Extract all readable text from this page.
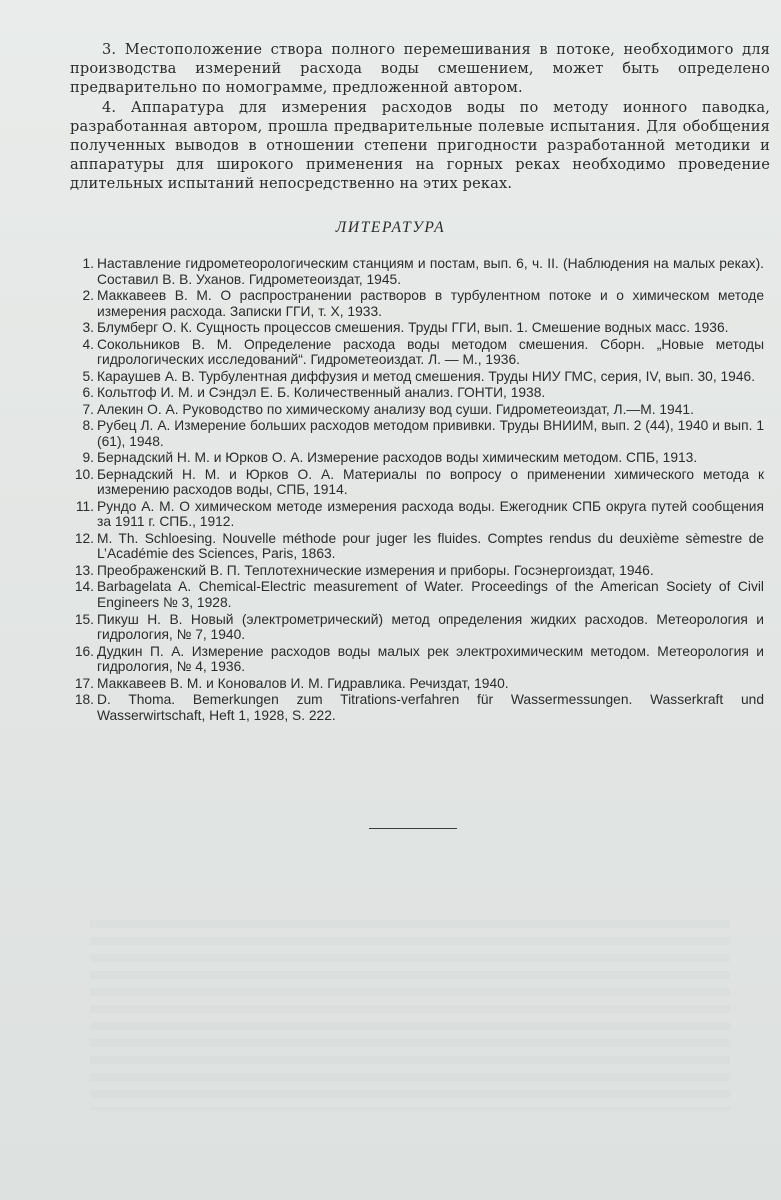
3. Местоположение створа полного перемешивания в потоке, необходимого для производства измерений расхода воды смешением, может быть определено предварительно по номограмме, предложенной автором.

4. Аппаратура для измерения расходов воды по методу ионного паводка, разработанная автором, прошла предварительные полевые испытания. Для обобщения полученных выводов в отношении степени пригодности разработанной методики и аппаратуры для широкого применения на горных реках необходимо проведение длительных испытаний непосредственно на этих реках.

ЛИТЕРАТУРА
1. Наставление гидрометеорологическим станциям и постам, вып. 6, ч. II. (Наблюдения на малых реках). Составил В. В. Уханов. Гидрометеоиздат, 1945.
2. Маккавеев В. М. О распространении растворов в турбулентном потоке и о химическом методе измерения расхода. Записки ГГИ, т. X, 1933.
3. Блумберг О. К. Сущность процессов смешения. Труды ГГИ, вып. 1. Смешение водных масс. 1936.
4. Сокольников В. М. Определение расхода воды методом смешения. Сборн. „Новые методы гидрологических исследований“. Гидрометеоиздат. Л. — М., 1936.
5. Караушев А. В. Турбулентная диффузия и метод смешения. Труды НИУ ГМС, серия, IV, вып. 30, 1946.
6. Кольтгоф И. М. и Сэндэл Е. Б. Количественный анализ. ГОНТИ, 1938.
7. Алекин О. А. Руководство по химическому анализу вод суши. Гидрометеоиздат, Л.—М. 1941.
8. Рубец Л. А. Измерение больших расходов методом прививки. Труды ВНИИМ, вып. 2 (44), 1940 и вып. 1 (61), 1948.
9. Бернадский Н. М. и Юрков О. А. Измерение расходов воды химическим методом. СПБ, 1913.
10. Бернадский Н. М. и Юрков О. А. Материалы по вопросу о применении химического метода к измерению расходов воды, СПБ, 1914.
11. Рундо А. М. О химическом методе измерения расхода воды. Ежегодник СПБ округа путей сообщения за 1911 г. СПБ., 1912.
12. M. Th. Schloesing. Nouvelle méthode pour juger les fluides. Comptes rendus du deuxième sèmestre de L’Académie des Sciences, Paris, 1863.
13. Преображенский В. П. Теплотехнические измерения и приборы. Госэнергоиздат, 1946.
14. Barbagelata A. Chemical-Electric measurement of Water. Proceedings of the American Society of Civil Engineers № 3, 1928.
15. Пикуш Н. В. Новый (электрометрический) метод определения жидких расходов. Метеорология и гидрология, № 7, 1940.
16. Дудкин П. А. Измерение расходов воды малых рек электрохимическим методом. Метеорология и гидрология, № 4, 1936.
17. Маккавеев В. М. и Коновалов И. М. Гидравлика. Речиздат, 1940.
18. D. Thoma. Bemerkungen zum Titrations-verfahren für Wassermessungen. Wasserkraft und Wasserwirtschaft, Heft 1, 1928, S. 222.
